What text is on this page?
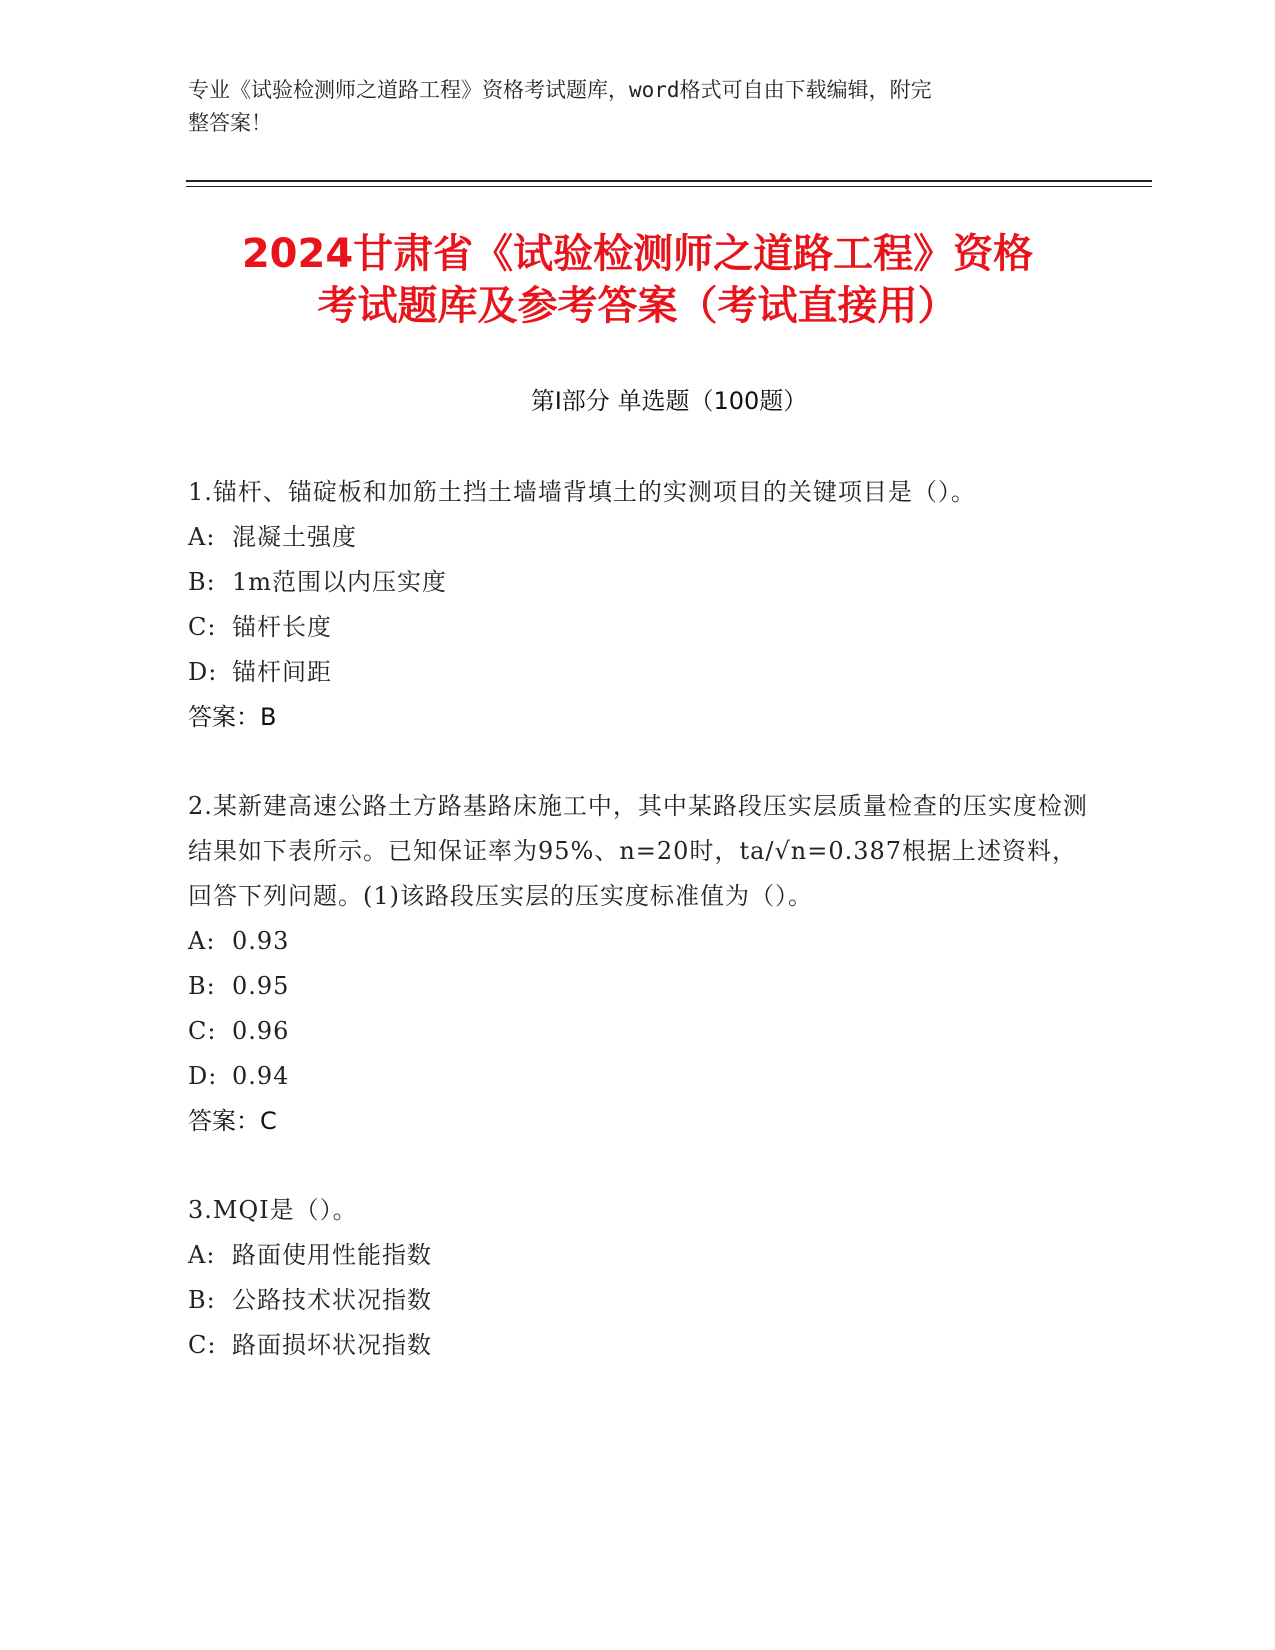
专业《试验检测师之道路工程》资格考试题库，word格式可自由下载编辑，附完
整答案！
2024甘肃省《试验检测师之道路工程》资格
考试题库及参考答案（考试直接用）
第Ⅰ部分 单选题（100题）
1.锚杆、锚碇板和加筋土挡土墙墙背填土的实测项目的关键项目是（）。
A: 混凝土强度
B: 1m范围以内压实度
C: 锚杆长度
D: 锚杆间距
答案：B
2.某新建高速公路土方路基路床施工中，其中某路段压实层质量检查的压实度检测结果如下表所示。已知保证率为95%、n=20时，ta/√n=0.387根据上述资料，回答下列问题。(1)该路段压实层的压实度标准值为（）。
A: 0.93
B: 0.95
C: 0.96
D: 0.94
答案：C
3.MQI是（）。
A: 路面使用性能指数
B: 公路技术状况指数
C: 路面损坏状况指数
